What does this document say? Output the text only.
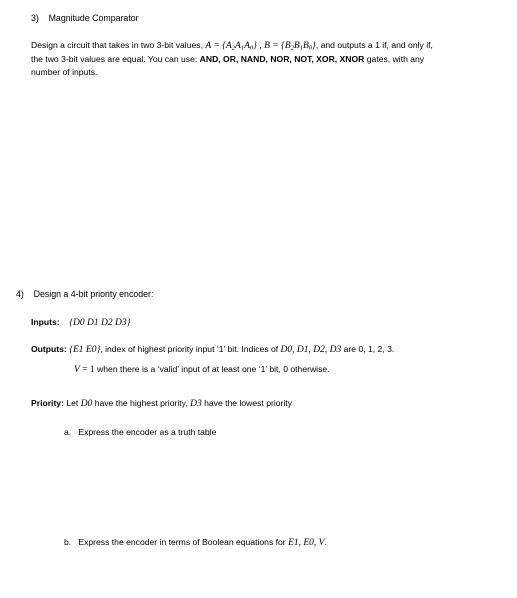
3) Magnitude Comparator
Design a circuit that takes in two 3-bit values, $A = \{A_2A_1A_0\}$ , $B = \{B_2B_1B_0\}$, and outputs a 1 if, and only if,
the two 3-bit values are equal. You can use: AND, OR, NAND, NOR, NOT, XOR, XNOR gates, with any
number of inputs.
4) Design a 4-bit priority encoder:
Inputs: {D0 D1 D2 D3}
Outputs: {E1 E0}, index of highest priority input ‘1’ bit. Indices of D0, D1, D2, D3 are 0, 1, 2, 3.
V = 1 when there is a ‘valid’ input of at least one ‘1’ bit, 0 otherwise.
Priority: Let D0 have the highest priority, D3 have the lowest priority
a. Express the encoder as a truth table
b. Express the encoder in terms of Boolean equations for E1, E0, V.
